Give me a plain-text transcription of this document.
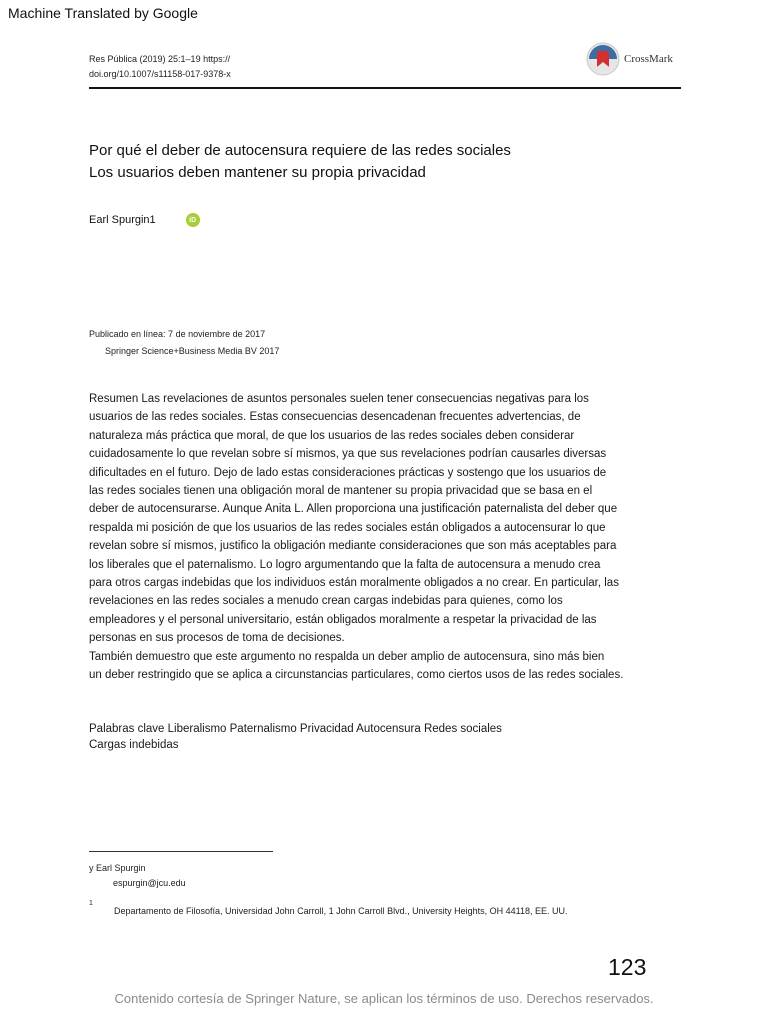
Machine Translated by Google
Res Pública (2019) 25:1–19 https://
doi.org/10.1007/s11158-017-9378-x
CrossMark
Por qué el deber de autocensura requiere de las redes sociales
Los usuarios deben mantener su propia privacidad
Earl Spurgin1	iD
Publicado en línea: 7 de noviembre de 2017
Springer Science+Business Media BV 2017

Resumen Las revelaciones de asuntos personales suelen tener consecuencias negativas para los

usuarios de las redes sociales. Estas consecuencias desencadenan frecuentes advertencias, de

naturaleza más práctica que moral, de que los usuarios de las redes sociales deben considerar

cuidadosamente lo que revelan sobre sí mismos, ya que sus revelaciones podrían causarles diversas

dificultades en el futuro. Dejo de lado estas consideraciones prácticas y sostengo que los usuarios de

las redes sociales tienen una obligación moral de mantener su propia privacidad que se basa en el

deber de autocensurarse. Aunque Anita L. Allen proporciona una justificación paternalista del deber que

respalda mi posición de que los usuarios de las redes sociales están obligados a autocensurar lo que

revelan sobre sí mismos, justifico la obligación mediante consideraciones que son más aceptables para

los liberales que el paternalismo. Lo logro argumentando que la falta de autocensura a menudo crea

para otros cargas indebidas que los individuos están moralmente obligados a no crear. En particular, las

revelaciones en las redes sociales a menudo crean cargas indebidas para quienes, como los

empleadores y el personal universitario, están obligados moralmente a respetar la privacidad de las

personas en sus procesos de toma de decisiones.

También demuestro que este argumento no respalda un deber amplio de autocensura, sino más bien

un deber restringido que se aplica a circunstancias particulares, como ciertos usos de las redes sociales.

Palabras clave Liberalismo Paternalismo Privacidad Autocensura Redes sociales
Cargas indebidas
y Earl Spurgin
espurgin@jcu.edu
1
Departamento de Filosofía, Universidad John Carroll, 1 John Carroll Blvd., University Heights, OH 44118, EE. UU.
123
Contenido cortesía de Springer Nature, se aplican los términos de uso. Derechos reservados.
